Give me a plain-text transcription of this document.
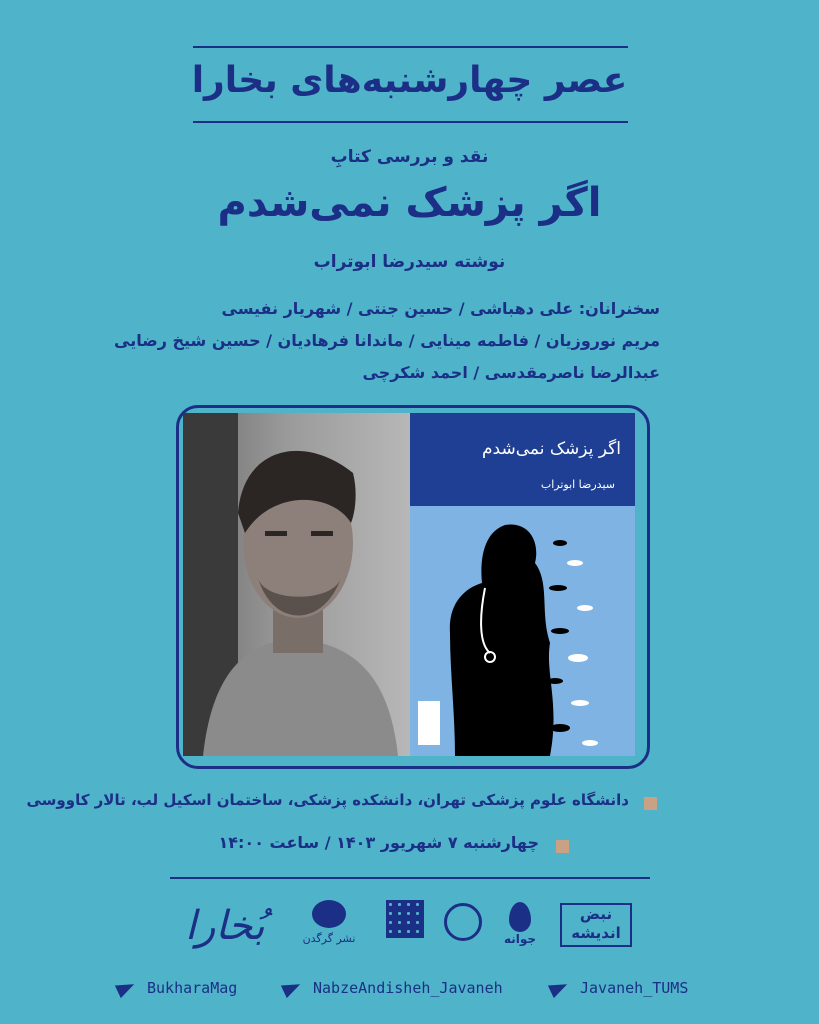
عصر چهارشنبه‌های بخارا
نقد و بررسی کتابِ
اگر پزشک نمی‌شدم
نوشته سیدرضا ابوتراب
سخنرانان: علی دهباشی / حسین جنتی / شهریار نفیسی
مریم نوروزیان / فاطمه مینایی / ماندانا فرهادیان / حسین شیخ رضایی
عبدالرضا ناصرمقدسی / احمد شکرچی
اگر پزشک نمی‌شدم
سیدرضا ابوتراب
دانشگاه علوم پزشکی تهران، دانشکده پزشکی، ساختمان اسکیل لب، تالار کاووسی
چهارشنبه ۷ شهریور ۱۴۰۳ / ساعت ۱۴:۰۰
بُخارا	نشر گرگدن	جوانه
نبض
اندیشه
BukharaMag	NabzeAndisheh_Javaneh	Javaneh_TUMS
